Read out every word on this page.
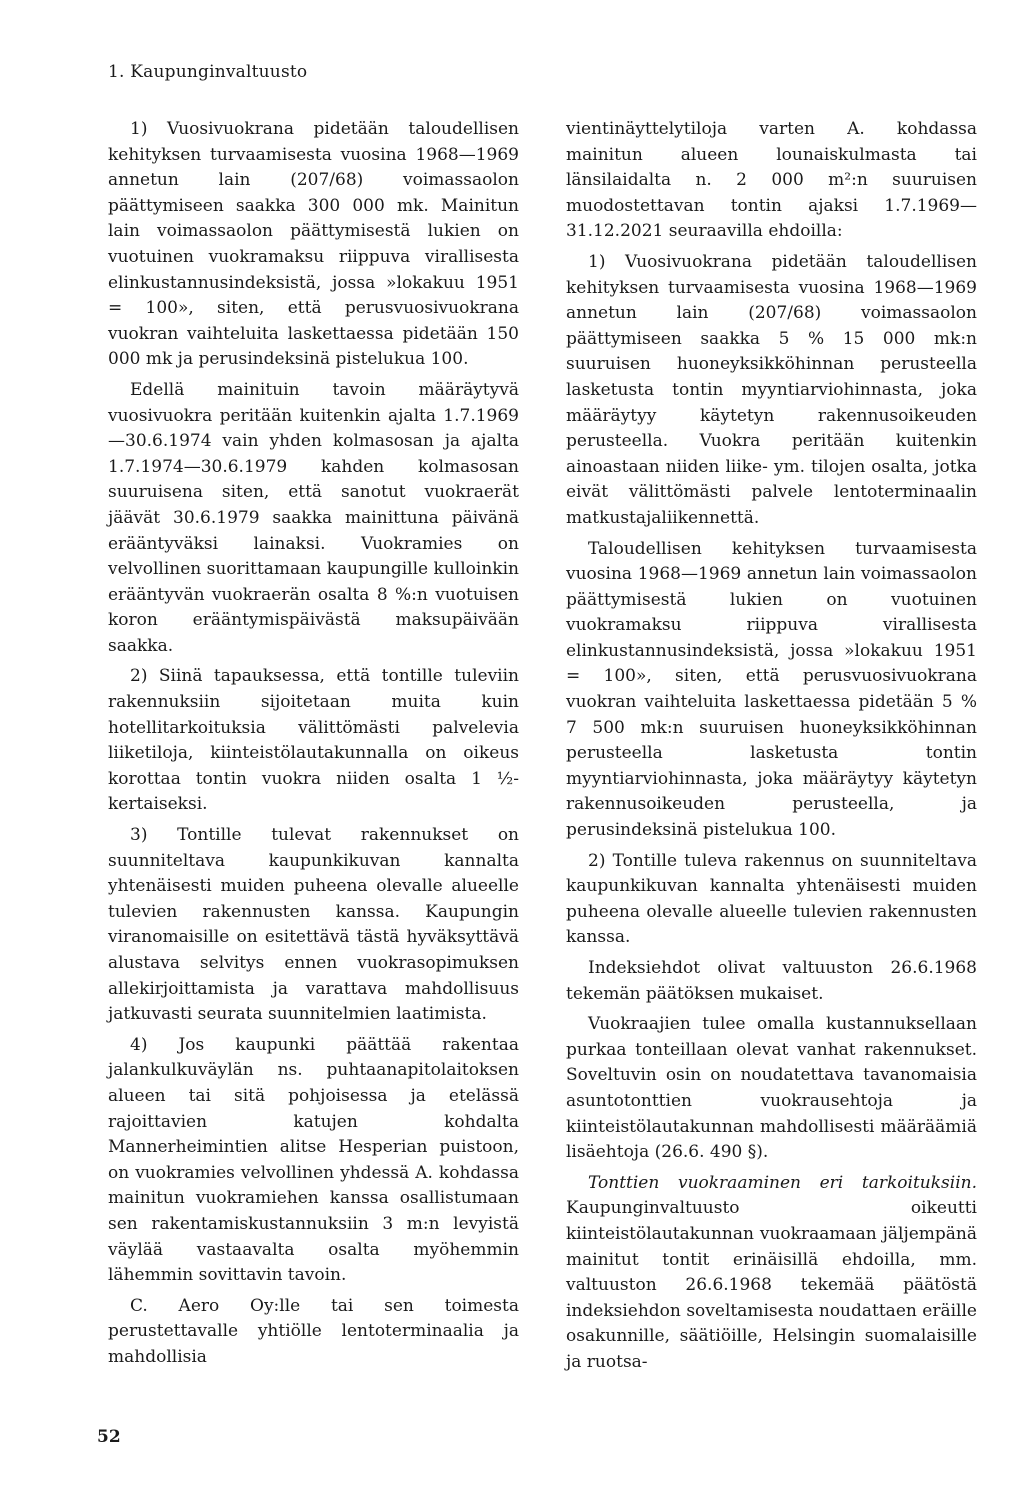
1. Kaupunginvaltuusto

1) Vuosivuokrana pidetään taloudellisen kehityksen turvaamisesta vuosina 1968—1969 annetun lain (207/68) voimassaolon päättymiseen saakka 300 000 mk. Mainitun lain voimassaolon päättymisestä lukien on vuotuinen vuokramaksu riippuva virallisesta elinkustannusindeksistä, jossa »lokakuu 1951 = 100», siten, että perusvuosivuokrana vuokran vaihteluita laskettaessa pidetään 150 000 mk ja perusindeksinä pistelukua 100.

Edellä mainituin tavoin määräytyvä vuosivuokra peritään kuitenkin ajalta 1.7.1969—30.6.1974 vain yhden kolmasosan ja ajalta 1.7.1974—30.6.1979 kahden kolmasosan suuruisena siten, että sanotut vuokraerät jäävät 30.6.1979 saakka mainittuna päivänä erääntyväksi lainaksi. Vuokramies on velvollinen suorittamaan kaupungille kulloinkin erääntyvän vuokraerän osalta 8 %:n vuotuisen koron erääntymispäivästä maksupäivään saakka.

2) Siinä tapauksessa, että tontille tuleviin rakennuksiin sijoitetaan muita kuin hotellitarkoituksia välittömästi palvelevia liiketiloja, kiinteistölautakunnalla on oikeus korottaa tontin vuokra niiden osalta 1 ½-kertaiseksi.

3) Tontille tulevat rakennukset on suunniteltava kaupunkikuvan kannalta yhtenäisesti muiden puheena olevalle alueelle tulevien rakennusten kanssa. Kaupungin viranomaisille on esitettävä tästä hyväksyttävä alustava selvitys ennen vuokrasopimuksen allekirjoittamista ja varattava mahdollisuus jatkuvasti seurata suunnitelmien laatimista.

4) Jos kaupunki päättää rakentaa jalankulkuväylän ns. puhtaanapitolaitoksen alueen tai sitä pohjoisessa ja etelässä rajoittavien katujen kohdalta Mannerheimintien alitse Hesperian puistoon, on vuokramies velvollinen yhdessä A. kohdassa mainitun vuokramiehen kanssa osallistumaan sen rakentamiskustannuksiin 3 m:n levyistä väylää vastaavalta osalta myöhemmin lähemmin sovittavin tavoin.

C. Aero Oy:lle tai sen toimesta perustettavalle yhtiölle lentoterminaalia ja mahdollisia

vientinäyttelytiloja varten A. kohdassa mainitun alueen lounaiskulmasta tai länsilaidalta n. 2 000 m²:n suuruisen muodostettavan tontin ajaksi 1.7.1969—31.12.2021 seuraavilla ehdoilla:

1) Vuosivuokrana pidetään taloudellisen kehityksen turvaamisesta vuosina 1968—1969 annetun lain (207/68) voimassaolon päättymiseen saakka 5 % 15 000 mk:n suuruisen huoneyksikköhinnan perusteella lasketusta tontin myyntiarviohinnasta, joka määräytyy käytetyn rakennusoikeuden perusteella. Vuokra peritään kuitenkin ainoastaan niiden liike- ym. tilojen osalta, jotka eivät välittömästi palvele lentoterminaalin matkustajaliikennettä.

Taloudellisen kehityksen turvaamisesta vuosina 1968—1969 annetun lain voimassaolon päättymisestä lukien on vuotuinen vuokramaksu riippuva virallisesta elinkustannusindeksistä, jossa »lokakuu 1951 = 100», siten, että perusvuosivuokrana vuokran vaihteluita laskettaessa pidetään 5 % 7 500 mk:n suuruisen huoneyksikköhinnan perusteella lasketusta tontin myyntiarviohinnasta, joka määräytyy käytetyn rakennusoikeuden perusteella, ja perusindeksinä pistelukua 100.

2) Tontille tuleva rakennus on suunniteltava kaupunkikuvan kannalta yhtenäisesti muiden puheena olevalle alueelle tulevien rakennusten kanssa.

Indeksiehdot olivat valtuuston 26.6.1968 tekemän päätöksen mukaiset.

Vuokraajien tulee omalla kustannuksellaan purkaa tonteillaan olevat vanhat rakennukset. Soveltuvin osin on noudatettava tavanomaisia asuntotonttien vuokrausehtoja ja kiinteistölautakunnan mahdollisesti määräämiä lisäehtoja (26.6. 490 §).

Tonttien vuokraaminen eri tarkoituksiin. Kaupunginvaltuusto oikeutti kiinteistölautakunnan vuokraamaan jäljempänä mainitut tontit erinäisillä ehdoilla, mm. valtuuston 26.6.1968 tekemää päätöstä indeksiehdon soveltamisesta noudattaen eräille osakunnille, säätiöille, Helsingin suomalaisille ja ruotsa-

52
